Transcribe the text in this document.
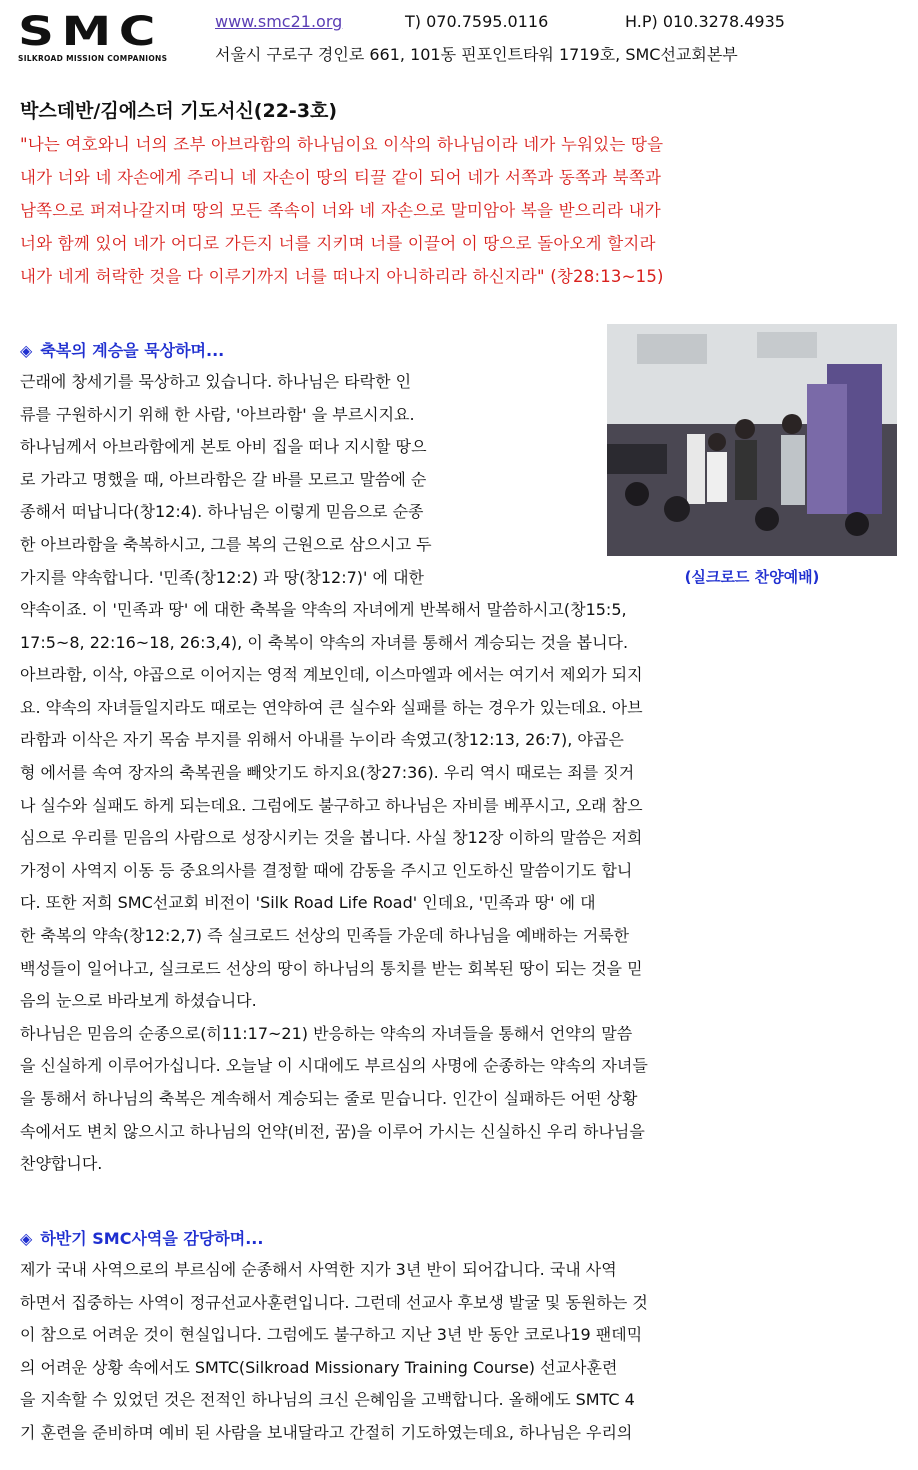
SMC
SILKROAD MISSION COMPANIONS
www.smc21.org	T) 070.7595.0116	H.P) 010.3278.4935
서울시 구로구 경인로 661, 101동 핀포인트타워 1719호, SMC선교회본부
박스데반/김에스더 기도서신(22-3호)
"나는 여호와니 너의 조부 아브라함의 하나님이요 이삭의 하나님이라 네가 누워있는 땅을
내가 너와 네 자손에게 주리니 네 자손이 땅의 티끌 같이 되어 네가 서쪽과 동쪽과 북쪽과
남쪽으로 퍼져나갈지며 땅의 모든 족속이 너와 네 자손으로 말미암아 복을 받으리라 내가
너와 함께 있어 네가 어디로 가든지 너를 지키며 너를 이끌어 이 땅으로 돌아오게 할지라
내가 네게 허락한 것을 다 이루기까지 너를 떠나지 아니하리라 하신지라" (창28:13~15)
◈ 축복의 계승을 묵상하며...
(실크로드 찬양예배)
근래에 창세기를 묵상하고 있습니다. 하나님은 타락한 인
류를 구원하시기 위해 한 사람, '아브라함' 을 부르시지요.
하나님께서 아브라함에게 본토 아비 집을 떠나 지시할 땅으
로 가라고 명했을 때, 아브라함은 갈 바를 모르고 말씀에 순
종해서 떠납니다(창12:4). 하나님은 이렇게 믿음으로 순종
한 아브라함을 축복하시고, 그를 복의 근원으로 삼으시고 두
가지를 약속합니다. '민족(창12:2) 과 땅(창12:7)' 에 대한
약속이죠. 이 '민족과 땅' 에 대한 축복을 약속의 자녀에게 반복해서 말씀하시고(창15:5,
17:5~8, 22:16~18, 26:3,4), 이 축복이 약속의 자녀를 통해서 계승되는 것을 봅니다.
아브라함, 이삭, 야곱으로 이어지는 영적 계보인데, 이스마엘과 에서는 여기서 제외가 되지
요. 약속의 자녀들일지라도 때로는 연약하여 큰 실수와 실패를 하는 경우가 있는데요. 아브
라함과 이삭은 자기 목숨 부지를 위해서 아내를 누이라 속였고(창12:13, 26:7), 야곱은
형 에서를 속여 장자의 축복권을 빼앗기도 하지요(창27:36). 우리 역시 때로는 죄를 짓거
나 실수와 실패도 하게 되는데요. 그럼에도 불구하고 하나님은 자비를 베푸시고, 오래 참으
심으로 우리를 믿음의 사람으로 성장시키는 것을 봅니다. 사실 창12장 이하의 말씀은 저희
가정이 사역지 이동 등 중요의사를 결정할 때에 감동을 주시고 인도하신 말씀이기도 합니
다. 또한 저희 SMC선교회 비전이 'Silk Road Life Road' 인데요, '민족과 땅' 에 대
한 축복의 약속(창12:2,7) 즉 실크로드 선상의 민족들 가운데 하나님을 예배하는 거룩한
백성들이 일어나고, 실크로드 선상의 땅이 하나님의 통치를 받는 회복된 땅이 되는 것을 믿
음의 눈으로 바라보게 하셨습니다.
하나님은 믿음의 순종으로(히11:17~21) 반응하는 약속의 자녀들을 통해서 언약의 말씀
을 신실하게 이루어가십니다. 오늘날 이 시대에도 부르심의 사명에 순종하는 약속의 자녀들
을 통해서 하나님의 축복은 계속해서 계승되는 줄로 믿습니다. 인간이 실패하든 어떤 상황
속에서도 변치 않으시고 하나님의 언약(비전, 꿈)을 이루어 가시는 신실하신 우리 하나님을
찬양합니다.
◈ 하반기 SMC사역을 감당하며...
제가 국내 사역으로의 부르심에 순종해서 사역한 지가 3년 반이 되어갑니다. 국내 사역
하면서 집중하는 사역이 정규선교사훈련입니다. 그런데 선교사 후보생 발굴 및 동원하는 것
이 참으로 어려운 것이 현실입니다. 그럼에도 불구하고 지난 3년 반 동안 코로나19 팬데믹
의 어려운 상황 속에서도 SMTC(Silkroad Missionary Training Course) 선교사훈련
을 지속할 수 있었던 것은 전적인 하나님의 크신 은혜임을 고백합니다. 올해에도 SMTC 4
기 훈련을 준비하며 예비 된 사람을 보내달라고 간절히 기도하였는데요, 하나님은 우리의
